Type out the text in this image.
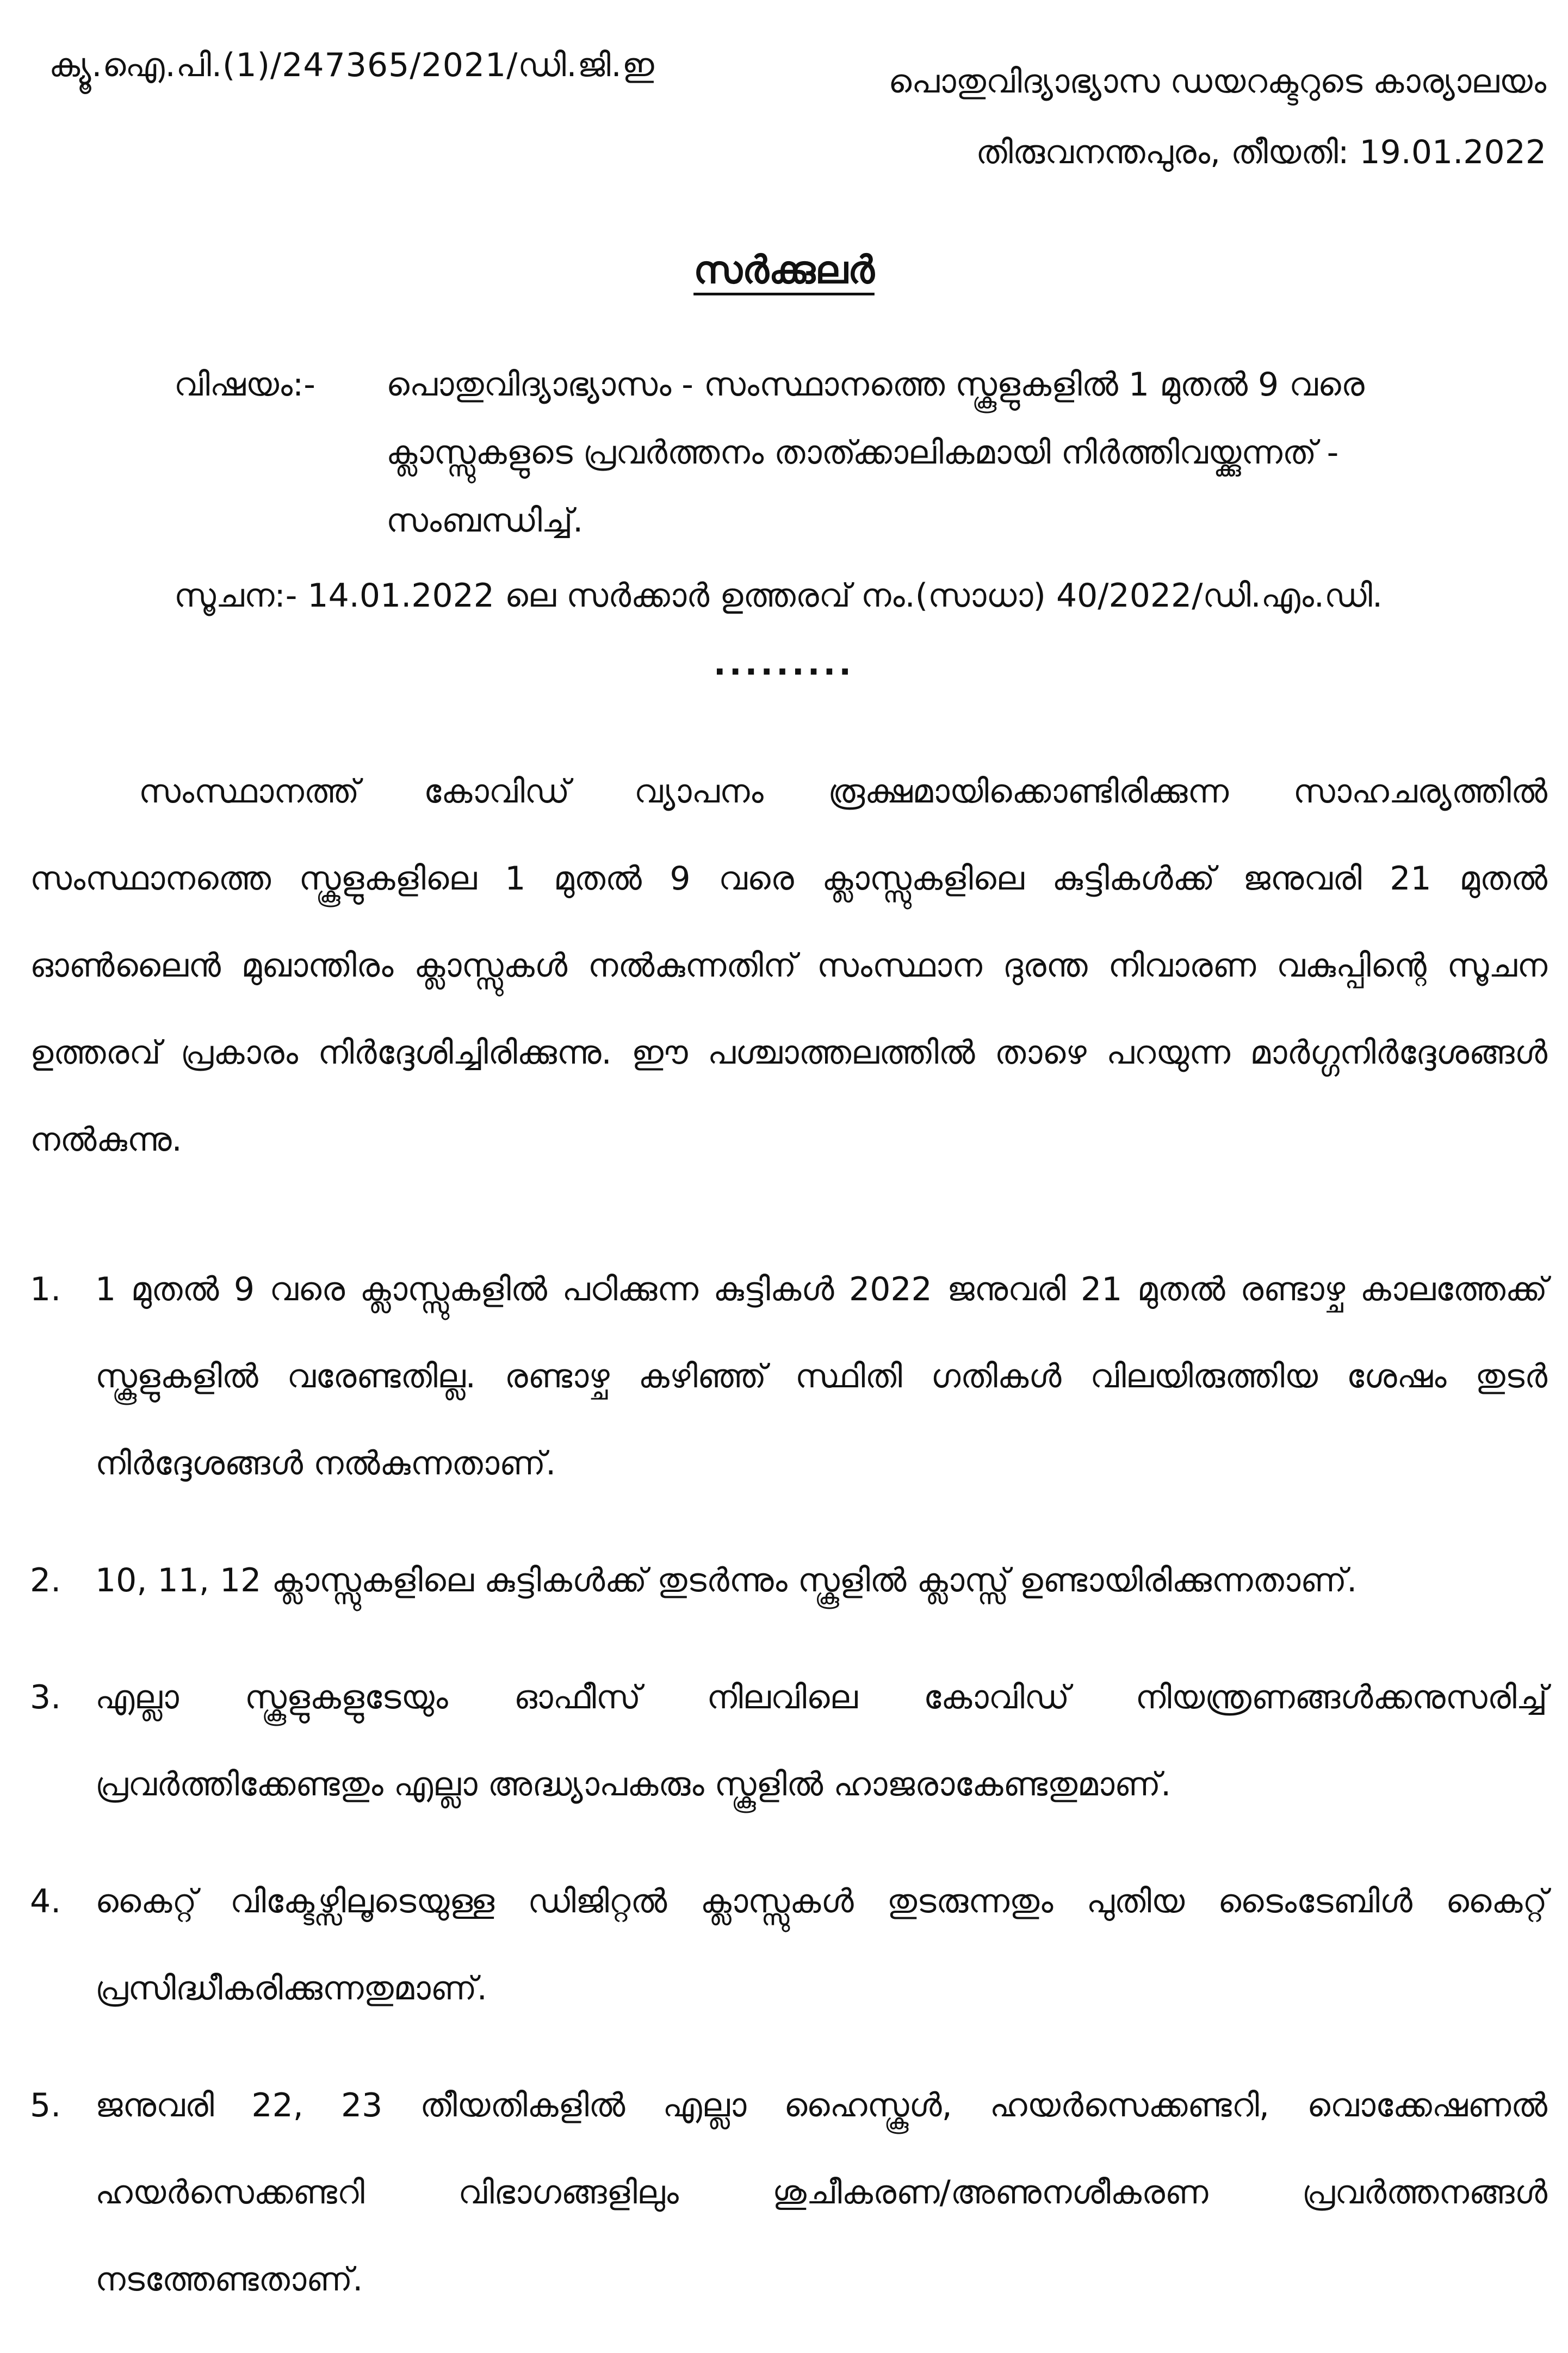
ക്യൂ.ഐ.പി.(1)/247365/2021/ഡി.ജി.ഇ	പൊതുവിദ്യാഭ്യാസ ഡയറക്ടറുടെ കാര്യാലയം
തിരുവനന്തപുരം, തീയതി: 19.01.2022
സർക്കുലർ
വിഷയം:- പൊതുവിദ്യാഭ്യാസം - സംസ്ഥാനത്തെ സ്കൂളുകളിൽ 1 മുതൽ 9 വരെ ക്ലാസ്സുകളുടെ പ്രവർത്തനം താത്ക്കാലികമായി നിർത്തിവയ്ക്കുന്നത് - സംബന്ധിച്ച്.
സൂചന:- 14.01.2022 ലെ സർക്കാർ ഉത്തരവ് നം.(സാധാ) 40/2022/ഡി.എം.ഡി.
.........

സംസ്ഥാനത്ത് കോവിഡ് വ്യാപനം രൂക്ഷമായിക്കൊണ്ടിരിക്കുന്ന സാഹചര്യത്തിൽ സംസ്ഥാനത്തെ സ്കൂളുകളിലെ 1 മുതൽ 9 വരെ ക്ലാസ്സുകളിലെ കുട്ടികൾക്ക് ജനുവരി 21 മുതൽ ഓൺലൈൻ മുഖാന്തിരം ക്ലാസ്സുകൾ നൽകുന്നതിന് സംസ്ഥാന ദുരന്ത നിവാരണ വകുപ്പിന്റെ സൂചന ഉത്തരവ് പ്രകാരം നിർദ്ദേശിച്ചിരിക്കുന്നു. ഈ പശ്ചാത്തലത്തിൽ താഴെ പറയുന്ന മാർഗ്ഗനിർദ്ദേശങ്ങൾ നൽകുന്നു.

1. 1 മുതൽ 9 വരെ ക്ലാസ്സുകളിൽ പഠിക്കുന്ന കുട്ടികൾ 2022 ജനുവരി 21 മുതൽ രണ്ടാഴ്ച കാലത്തേക്ക് സ്കൂളുകളിൽ വരേണ്ടതില്ല. രണ്ടാഴ്ച കഴിഞ്ഞ് സ്ഥിതി ഗതികൾ വിലയിരുത്തിയ ശേഷം തുടർ നിർദ്ദേശങ്ങൾ നൽകുന്നതാണ്.
2. 10, 11, 12 ക്ലാസ്സുകളിലെ കുട്ടികൾക്ക് തുടർന്നും സ്കൂളിൽ ക്ലാസ്സ് ഉണ്ടായിരിക്കുന്നതാണ്.
3. എല്ലാ സ്കൂളുകളുടേയും ഓഫീസ് നിലവിലെ കോവിഡ് നിയന്ത്രണങ്ങൾക്കനുസരിച്ച് പ്രവർത്തിക്കേണ്ടതും എല്ലാ അദ്ധ്യാപകരും സ്കൂളിൽ ഹാജരാകേണ്ടതുമാണ്.
4. കൈറ്റ് വിക്ടേഴ്സിലൂടെയുള്ള ഡിജിറ്റൽ ക്ലാസ്സുകൾ തുടരുന്നതും പുതിയ ടൈംടേബിൾ കൈറ്റ് പ്രസിദ്ധീകരിക്കുന്നതുമാണ്.
5. ജനുവരി 22, 23 തീയതികളിൽ എല്ലാ ഹൈസ്കൂൾ, ഹയർസെക്കണ്ടറി, വൊക്കേഷണൽ ഹയർസെക്കണ്ടറി വിഭാഗങ്ങളിലും ശുചീകരണ/അണുനശീകരണ പ്രവർത്തനങ്ങൾ നടത്തേണ്ടതാണ്.
